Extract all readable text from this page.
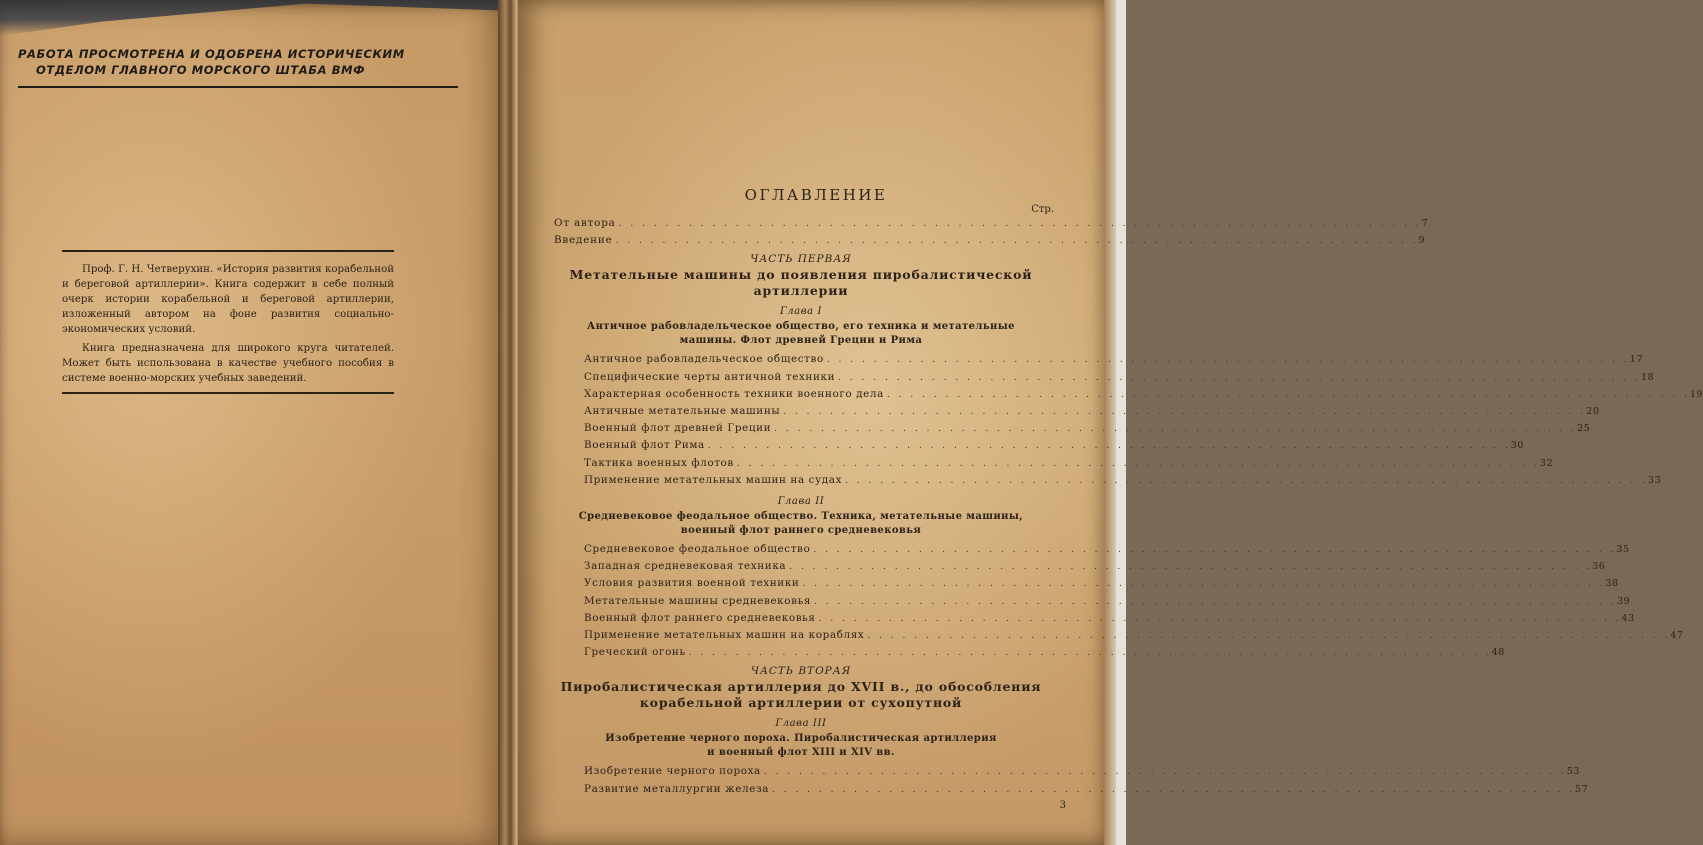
РАБОТА ПРОСМОТРЕНА И ОДОБРЕНА ИСТОРИЧЕСКИМ
ОТДЕЛОМ ГЛАВНОГО МОРСКОГО ШТАБА ВМФ

Проф. Г. Н. Четверухин. «История развития корабельной и береговой артиллерии». Книга содержит в себе полный очерк истории корабельной и береговой артиллерии, изложенный автором на фоне развития социально-экономических условий.

Книга предназначена для широкого круга читателей. Может быть использована в качестве учебного пособия в системе военно-морских учебных заведений.

ОГЛАВЛЕНИЕ
Стр.
От автора . . . . . . . . . . . . . . . . . . . . . . . . . . . . . . . . . . . . . . . . . . . . . . . . . . . . . . . . . . . . . . . . . . . . . 7
Введение . . . . . . . . . . . . . . . . . . . . . . . . . . . . . . . . . . . . . . . . . . . . . . . . . . . . . . . . . . . . . . . . . . . . . 9
ЧАСТЬ ПЕРВАЯ
Метательные машины до появления пиробалистической
артиллерии
Глава I
Античное рабовладельческое общество, его техника и метательные
машины. Флот древней Греции и Рима
Античное рабовладельческое общество . . . . . . . . . . . . . . . . . . . . . . . . . . . . . . . . . . . . . . . . . . . . . . . . . . . . . . . . . . . . . . . . . . . . . 17
Специфические черты античной техники . . . . . . . . . . . . . . . . . . . . . . . . . . . . . . . . . . . . . . . . . . . . . . . . . . . . . . . . . . . . . . . . . . . . . 18
Характерная особенность техники военного дела . . . . . . . . . . . . . . . . . . . . . . . . . . . . . . . . . . . . . . . . . . . . . . . . . . . . . . . . . . . . . . . . . . . . . 19
Античные метательные машины . . . . . . . . . . . . . . . . . . . . . . . . . . . . . . . . . . . . . . . . . . . . . . . . . . . . . . . . . . . . . . . . . . . . . 20
Военный флот древней Греции . . . . . . . . . . . . . . . . . . . . . . . . . . . . . . . . . . . . . . . . . . . . . . . . . . . . . . . . . . . . . . . . . . . . . 25
Военный флот Рима . . . . . . . . . . . . . . . . . . . . . . . . . . . . . . . . . . . . . . . . . . . . . . . . . . . . . . . . . . . . . . . . . . . . . 30
Тактика военных флотов . . . . . . . . . . . . . . . . . . . . . . . . . . . . . . . . . . . . . . . . . . . . . . . . . . . . . . . . . . . . . . . . . . . . . 32
Применение метательных машин на судах . . . . . . . . . . . . . . . . . . . . . . . . . . . . . . . . . . . . . . . . . . . . . . . . . . . . . . . . . . . . . . . . . . . . . 33
Глава II
Средневековое феодальное общество. Техника, метательные машины,
военный флот раннего средневековья
Средневековое феодальное общество . . . . . . . . . . . . . . . . . . . . . . . . . . . . . . . . . . . . . . . . . . . . . . . . . . . . . . . . . . . . . . . . . . . . . 35
Западная средневековая техника . . . . . . . . . . . . . . . . . . . . . . . . . . . . . . . . . . . . . . . . . . . . . . . . . . . . . . . . . . . . . . . . . . . . . 36
Условия развития военной техники . . . . . . . . . . . . . . . . . . . . . . . . . . . . . . . . . . . . . . . . . . . . . . . . . . . . . . . . . . . . . . . . . . . . . 38
Метательные машины средневековья . . . . . . . . . . . . . . . . . . . . . . . . . . . . . . . . . . . . . . . . . . . . . . . . . . . . . . . . . . . . . . . . . . . . . 39
Военный флот раннего средневековья . . . . . . . . . . . . . . . . . . . . . . . . . . . . . . . . . . . . . . . . . . . . . . . . . . . . . . . . . . . . . . . . . . . . . 43
Применение метательных машин на кораблях . . . . . . . . . . . . . . . . . . . . . . . . . . . . . . . . . . . . . . . . . . . . . . . . . . . . . . . . . . . . . . . . . . . . . 47
Греческий огонь . . . . . . . . . . . . . . . . . . . . . . . . . . . . . . . . . . . . . . . . . . . . . . . . . . . . . . . . . . . . . . . . . . . . . 48
ЧАСТЬ ВТОРАЯ
Пиробалистическая артиллерия до XVII в., до обособления
корабельной артиллерии от сухопутной
Глава III
Изобретение черного пороха. Пиробалистическая артиллерия
и военный флот XIII и XIV вв.
Изобретение черного пороха . . . . . . . . . . . . . . . . . . . . . . . . . . . . . . . . . . . . . . . . . . . . . . . . . . . . . . . . . . . . . . . . . . . . . 53
Развитие металлургии железа . . . . . . . . . . . . . . . . . . . . . . . . . . . . . . . . . . . . . . . . . . . . . . . . . . . . . . . . . . . . . . . . . . . . . 57
3
